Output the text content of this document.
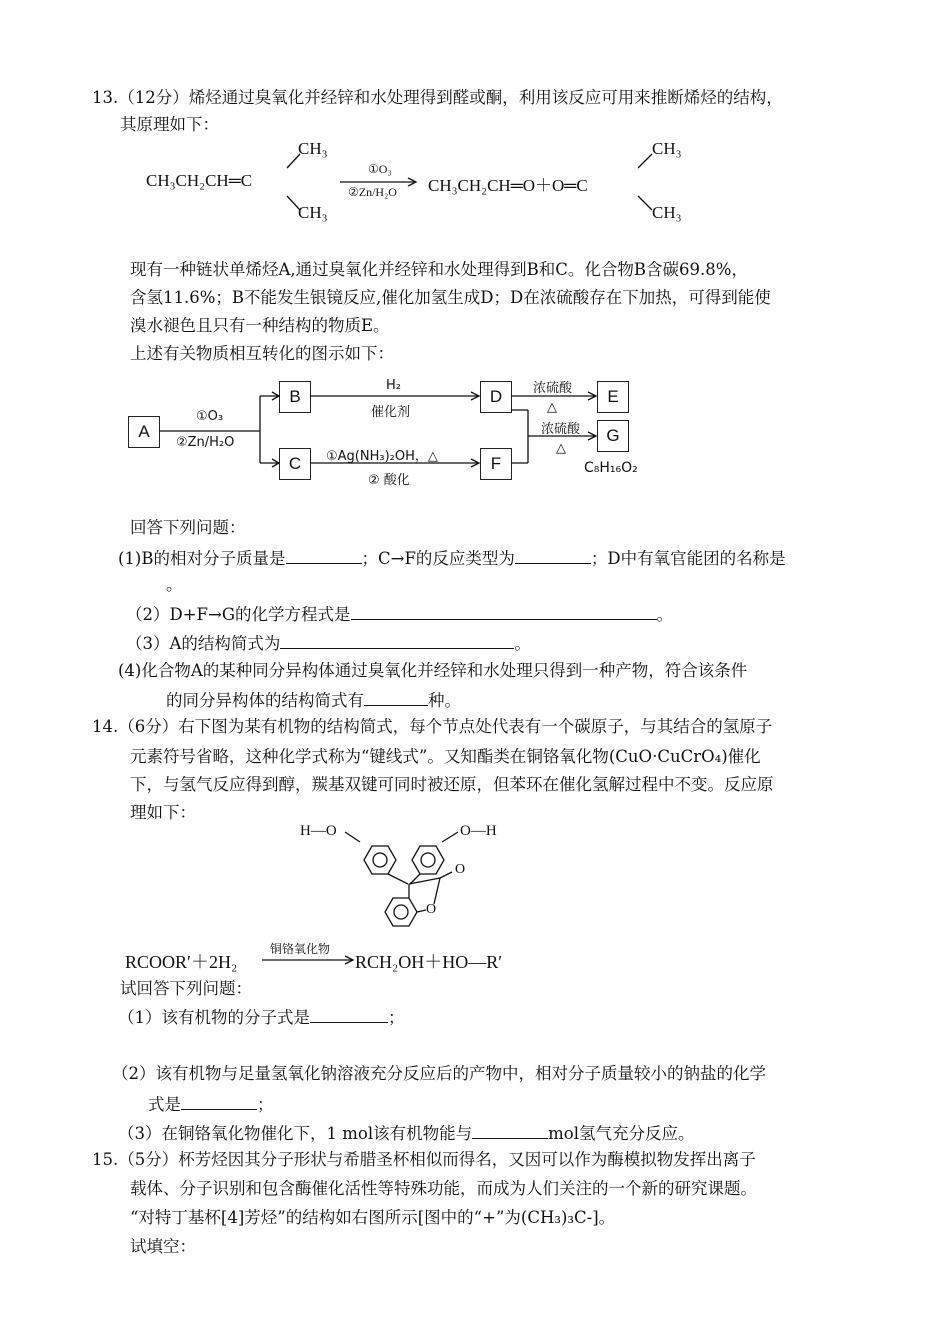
13.（12分）烯烃通过臭氧化并经锌和水处理得到醛或酮，利用该反应可用来推断烯烃的结构，
其原理如下：
CH₃CH₂CH═C
CH₃
CH₃
①O₃
②Zn/H₂O CH₃CH₂CH═O＋O═C
CH₃
CH₃
现有一种链状单烯烃A,通过臭氧化并经锌和水处理得到B和C。化合物B含碳69.8%，
含氢11.6%；B不能发生银镜反应,催化加氢生成D；D在浓硫酸存在下加热，可得到能使
溴水褪色且只有一种结构的物质E。
上述有关物质相互转化的图示如下：
A
B
C
D
F
E
G
①O₃
②Zn/H₂O
H₂
催化剂
①Ag(NH₃)₂OH，△
② 酸化
浓硫酸
△
浓硫酸
△
C₈H₁₆O₂
回答下列问题：
(1)B的相对分子质量是	；C→F的反应类型为	；D中有氧官能团的名称是
。
（2）D+F→G的化学方程式是	。
（3）A的结构简式为	。
(4)化合物A的某种同分异构体通过臭氧化并经锌和水处理只得到一种产物，符合该条件
的同分异构体的结构简式有	种。
14.（6分）右下图为某有机物的结构简式，每个节点处代表有一个碳原子，与其结合的氢原子
元素符号省略，这种化学式称为“键线式”。又知酯类在铜铬氧化物(CuO·CuCrO₄)催化
下，与氢气反应得到醇，羰基双键可同时被还原，但苯环在催化氢解过程中不变。反应原
理如下：
H—O	O—H
O
O
RCOOR′＋2H₂
铜铬氧化物
RCH₂OH＋HO—R′
试回答下列问题：
（1）该有机物的分子式是	；
（2）该有机物与足量氢氧化钠溶液充分反应后的产物中，相对分子质量较小的钠盐的化学
式是	；
（3）在铜铬氧化物催化下，1 mol该有机物能与	mol氢气充分反应。
15.（5分）杯芳烃因其分子形状与希腊圣杯相似而得名，又因可以作为酶模拟物发挥出离子
载体、分子识别和包含酶催化活性等特殊功能，而成为人们关注的一个新的研究课题。
“对特丁基杯[4]芳烃”的结构如右图所示[图中的“+”为(CH₃)₃C-]。
试填空：
